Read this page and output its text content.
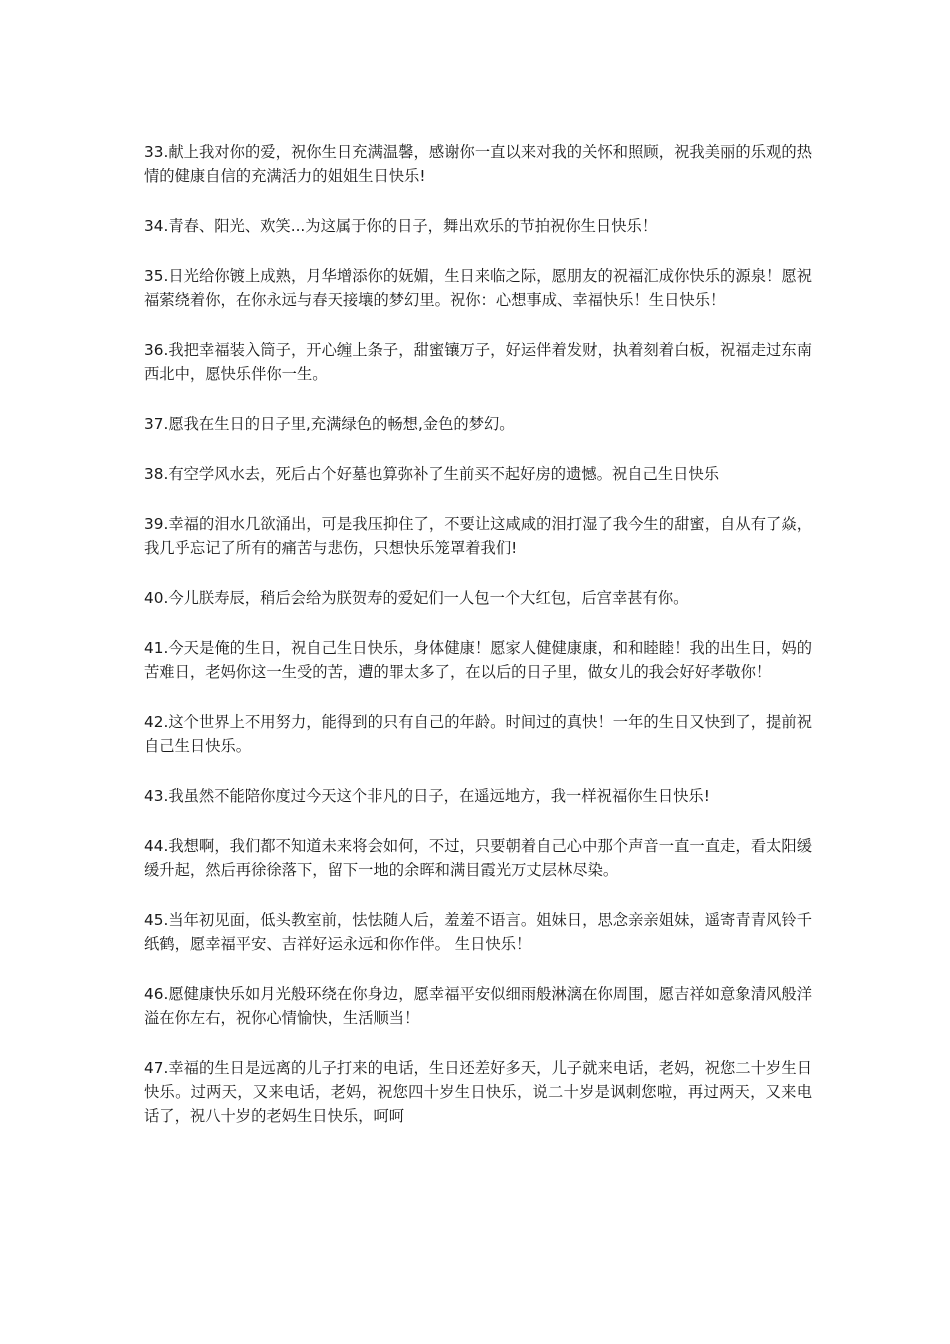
33.献上我对你的爱，祝你生日充满温馨，感谢你一直以来对我的关怀和照顾，祝我美丽的乐观的热情的健康自信的充满活力的姐姐生日快乐!

34.青春、阳光、欢笑...为这属于你的日子，舞出欢乐的节拍祝你生日快乐！

35.日光给你镀上成熟，月华增添你的妩媚，生日来临之际，愿朋友的祝福汇成你快乐的源泉！愿祝福萦绕着你，在你永远与春天接壤的梦幻里。祝你：心想事成、幸福快乐！生日快乐！

36.我把幸福装入筒子，开心缠上条子，甜蜜镶万子，好运伴着发财，执着刻着白板，祝福走过东南西北中，愿快乐伴你一生。

37.愿我在生日的日子里,充满绿色的畅想,金色的梦幻。

38.有空学风水去，死后占个好墓也算弥补了生前买不起好房的遗憾。祝自己生日快乐

39.幸福的泪水几欲涌出，可是我压抑住了，不要让这咸咸的泪打湿了我今生的甜蜜，自从有了焱，我几乎忘记了所有的痛苦与悲伤，只想快乐笼罩着我们!

40.今儿朕寿辰，稍后会给为朕贺寿的爱妃们一人包一个大红包，后宫幸甚有你。

41.今天是俺的生日，祝自己生日快乐，身体健康！愿家人健健康康，和和睦睦！我的出生日，妈的苦难日，老妈你这一生受的苦，遭的罪太多了，在以后的日子里，做女儿的我会好好孝敬你！

42.这个世界上不用努力，能得到的只有自己的年龄。时间过的真快！一年的生日又快到了，提前祝自己生日快乐。

43.我虽然不能陪你度过今天这个非凡的日子，在遥远地方，我一样祝福你生日快乐!

44.我想啊，我们都不知道未来将会如何，不过，只要朝着自己心中那个声音一直一直走，看太阳缓缓升起，然后再徐徐落下，留下一地的余晖和满目霞光万丈层林尽染。

45.当年初见面，低头教室前，怯怯随人后，羞羞不语言。姐妹日，思念亲亲姐妹，遥寄青青风铃千纸鹤，愿幸福平安、吉祥好运永远和你作伴。 生日快乐！

46.愿健康快乐如月光般环绕在你身边，愿幸福平安似细雨般淋漓在你周围，愿吉祥如意象清风般洋溢在你左右，祝你心情愉快，生活顺当！

47.幸福的生日是远离的儿子打来的电话，生日还差好多天，儿子就来电话，老妈，祝您二十岁生日快乐。过两天，又来电话，老妈，祝您四十岁生日快乐，说二十岁是讽刺您啦，再过两天，又来电话了，祝八十岁的老妈生日快乐，呵呵
